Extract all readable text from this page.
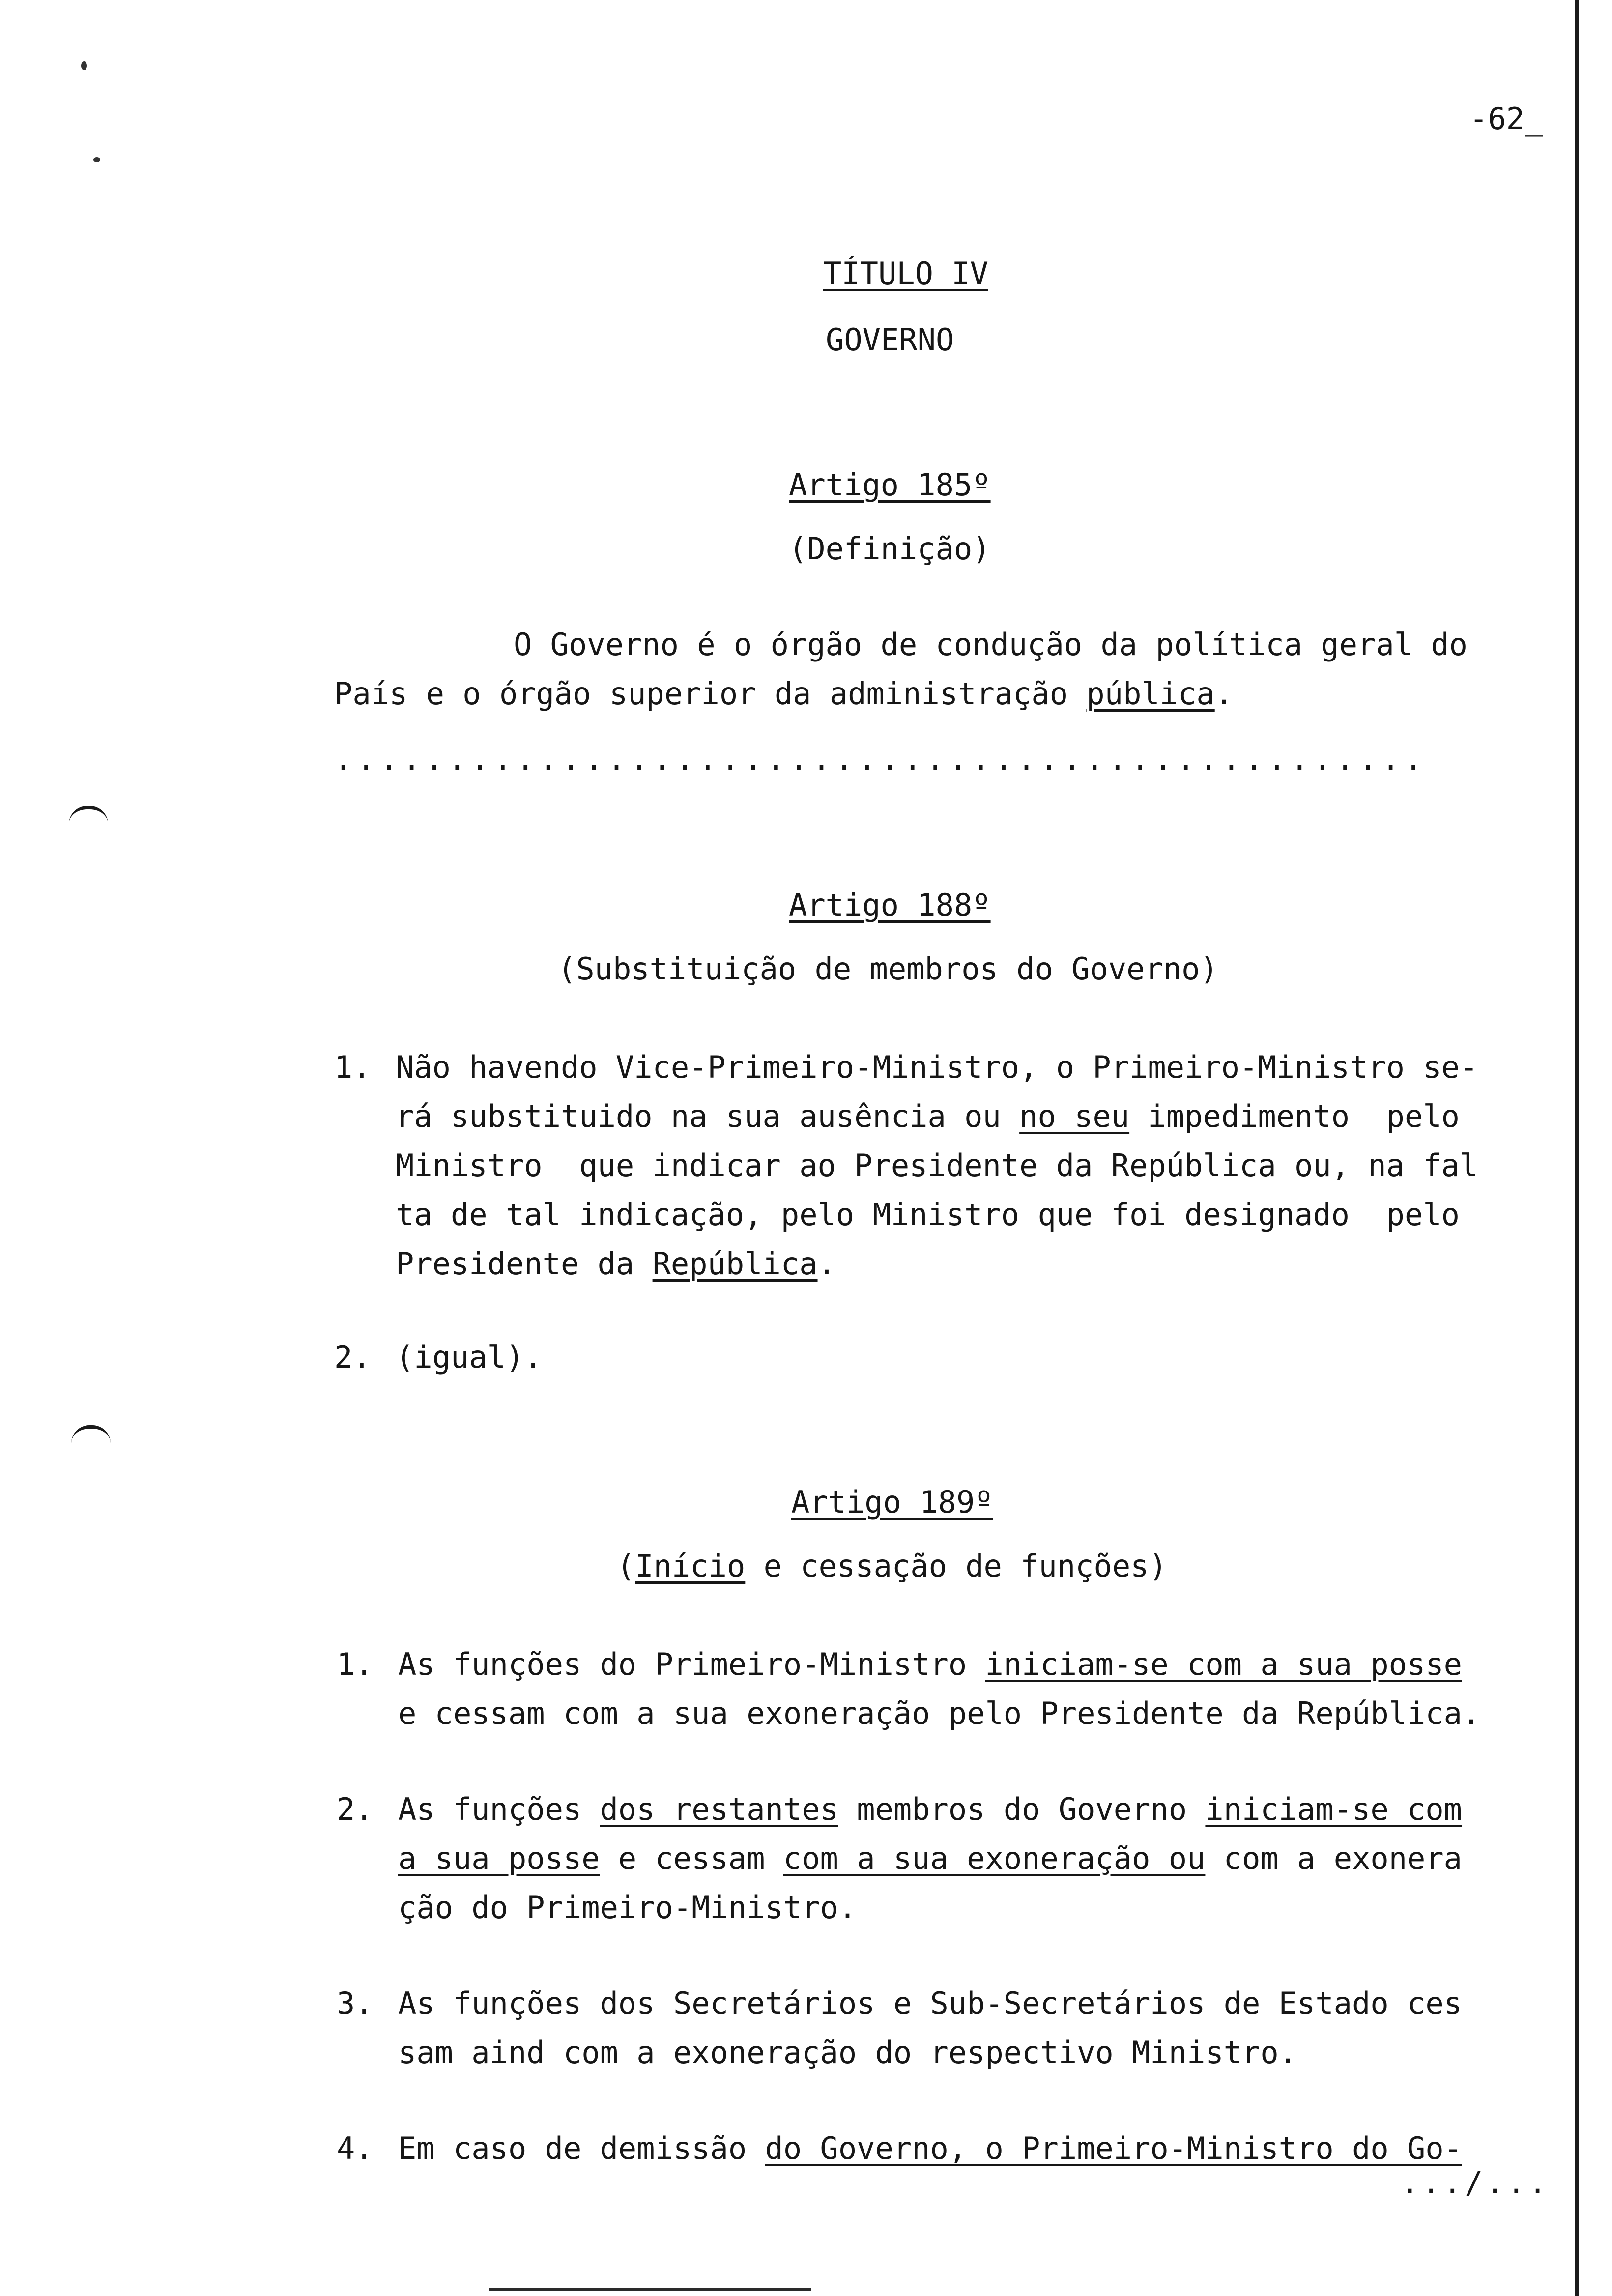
-62_
TÍTULO IV
GOVERNO
Artigo 185º
(Definição)
O Governo é o órgão de condução da política geral do
País e o órgão superior da administração pública.
................................................
Artigo 188º
(Substituição de membros do Governo)
1. Não havendo Vice-Primeiro-Ministro, o Primeiro-Ministro se-
rá substituido na sua ausência ou no seu impedimento  pelo
Ministro  que indicar ao Presidente da República ou, na fal
ta de tal indicação, pelo Ministro que foi designado  pelo
Presidente da República.
2. (igual).
Artigo 189º
(Início e cessação de funções)
1. As funções do Primeiro-Ministro iniciam-se com a sua posse
e cessam com a sua exoneração pelo Presidente da República.
2. As funções dos restantes membros do Governo iniciam-se com
a sua posse e cessam com a sua exoneração ou com a exonera
ção do Primeiro-Ministro.
3. As funções dos Secretários e Sub-Secretários de Estado ces
sam aind com a exoneração do respectivo Ministro.
4. Em caso de demissão do Governo, o Primeiro-Ministro do Go-
.../...
